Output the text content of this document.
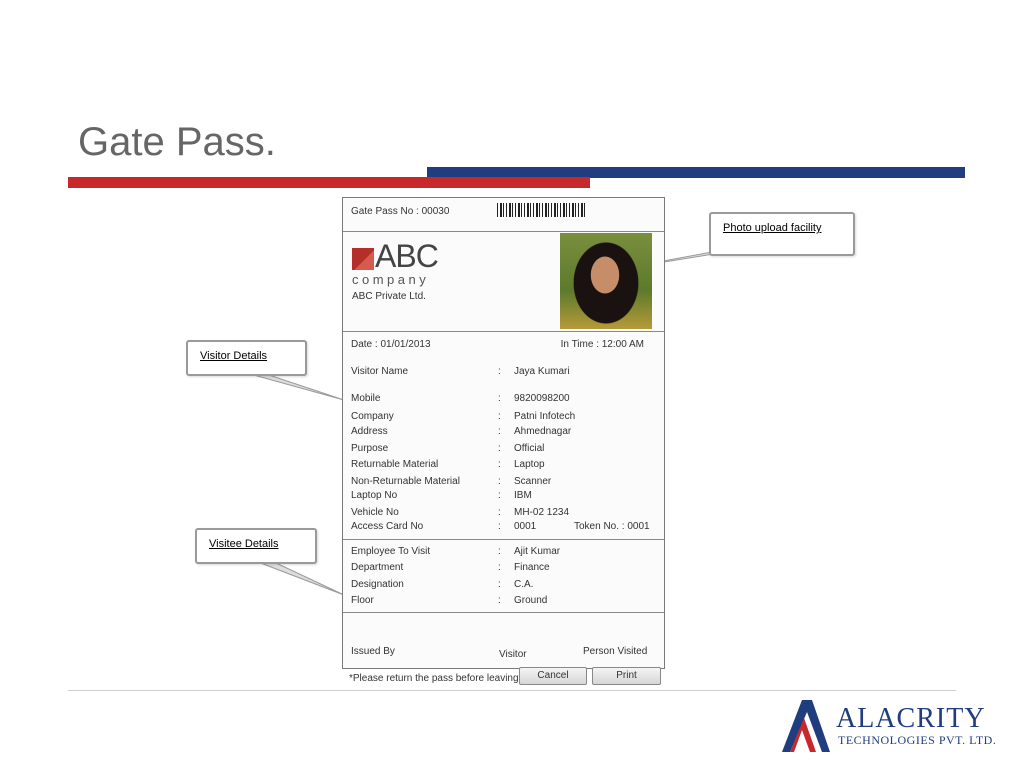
Gate Pass.
Gate Pass No : 00030
ABC
company
ABC Private Ltd.
Date : 01/01/2013	In Time : 12:00 AM
Visitor Name	: Jaya Kumari
Mobile	: 9820098200
Company	: Patni Infotech
Address	: Ahmednagar
Purpose	: Official
Returnable Material	: Laptop
Non-Returnable Material	: Scanner
Laptop No	: IBM
Vehicle No	: MH-02 1234
Access Card No	: 0001	Token No. : 0001
Employee To Visit	: Ajit Kumar
Department	: Finance
Designation	: C.A.
Floor	: Ground
Issued By	Visitor	Person Visited
*Please return the pass before leaving	Cancel	Print
Photo upload facility
Visitor Details
Visitee Details
ALACRITY
TECHNOLOGIES PVT. LTD.
